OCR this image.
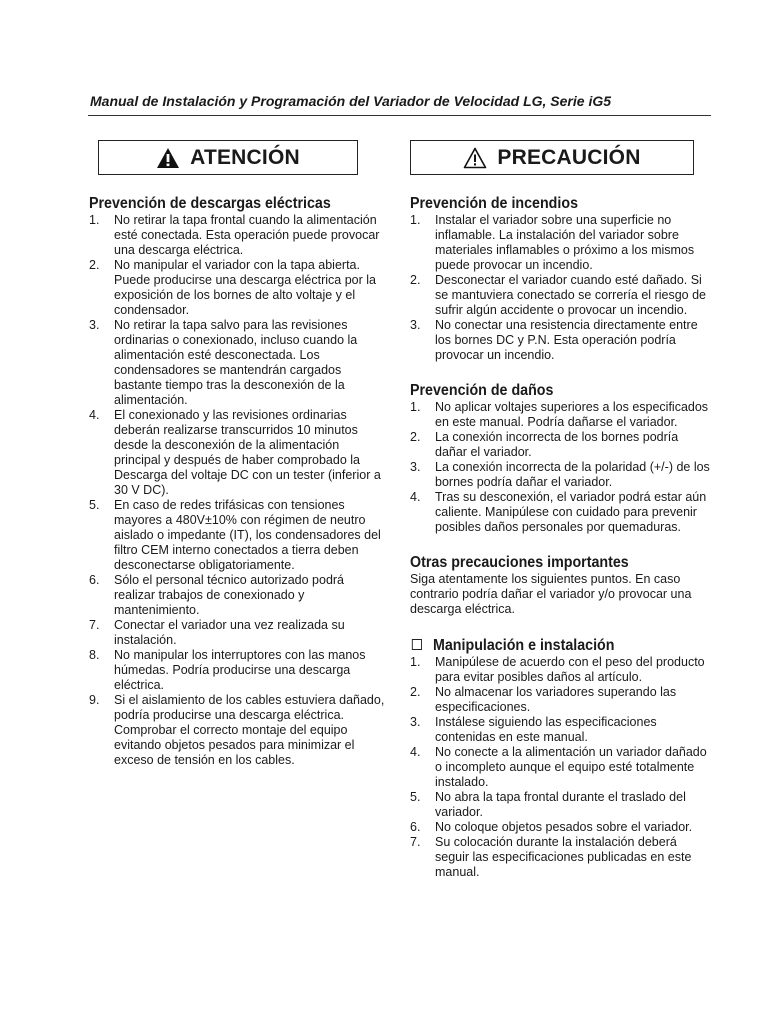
Manual de Instalación y Programación del Variador de Velocidad LG, Serie iG5
ATENCIÓN
Prevención de descargas eléctricas
1.	No retirar la tapa frontal cuando la alimentación esté conectada. Esta operación puede provocar una descarga eléctrica.
2.	No manipular el variador con la tapa abierta. Puede producirse una descarga eléctrica por la exposición de los bornes de alto voltaje y el condensador.
3.	No retirar la tapa salvo para las revisiones ordinarias o conexionado, incluso cuando la alimentación esté desconectada. Los condensadores se mantendrán cargados bastante tiempo tras la desconexión de la alimentación.
4.	El conexionado y las revisiones ordinarias deberán realizarse transcurridos 10 minutos desde la desconexión de la alimentación principal y después de haber comprobado la Descarga del voltaje DC con un tester (inferior a 30 V DC).
5.	En caso de redes trifásicas con tensiones mayores a 480V±10% con régimen de neutro aislado o impedante (IT), los condensadores del filtro CEM interno conectados a tierra deben desconectarse obligatoriamente.
6.	Sólo el personal técnico autorizado podrá realizar trabajos de conexionado y mantenimiento.
7.	Conectar el variador una vez realizada su instalación.
8.	No manipular los interruptores con las manos húmedas. Podría producirse una descarga eléctrica.
9.	Si el aislamiento de los cables estuviera dañado, podría producirse una descarga eléctrica. Comprobar el correcto montaje del equipo evitando objetos pesados para minimizar el exceso de tensión en los cables.
PRECAUCIÓN
Prevención de incendios
1.	Instalar el variador sobre una superficie no inflamable. La instalación del variador sobre materiales inflamables o próximo a los mismos puede provocar un incendio.
2.	Desconectar el variador cuando esté dañado. Si se mantuviera conectado se correría el riesgo de sufrir algún accidente o provocar un incendio.
3.	No conectar una resistencia directamente entre los bornes DC y P.N. Esta operación podría provocar un incendio.
Prevención de daños
1.	No aplicar voltajes superiores a los especificados en este manual. Podría dañarse el variador.
2.	La conexión incorrecta de los bornes podría dañar el variador.
3.	La conexión incorrecta de la polaridad (+/-) de los bornes podría dañar el variador.
4.	Tras su desconexión, el variador podrá estar aún caliente. Manipúlese con cuidado para prevenir posibles daños personales por quemaduras.
Otras precauciones importantes

Siga atentamente los siguientes puntos. En caso contrario podría dañar el variador y/o provocar una descarga eléctrica.

Manipulación e instalación
1.	Manipúlese de acuerdo con el peso del producto para evitar posibles daños al artículo.
2.	No almacenar los variadores superando las especificaciones.
3.	Instálese siguiendo las especificaciones contenidas en este manual.
4.	No conecte a la alimentación un variador dañado o incompleto aunque el equipo esté totalmente instalado.
5.	No abra la tapa frontal durante el traslado del variador.
6.	No coloque objetos pesados sobre el variador.
7.	Su colocación durante la instalación deberá seguir las especificaciones publicadas en este manual.
